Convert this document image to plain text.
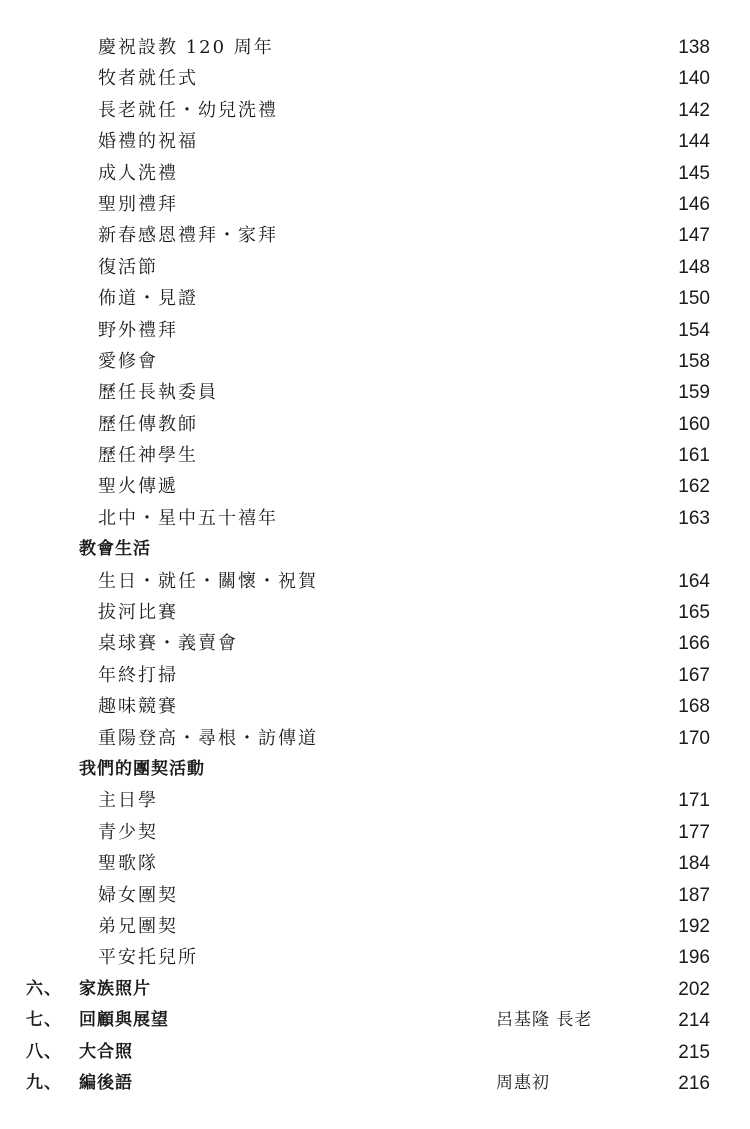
慶祝設教 120 周年	138
牧者就任式	140
長老就任・幼兒洗禮	142
婚禮的祝福	144
成人洗禮	145
聖別禮拜	146
新春感恩禮拜・家拜	147
復活節	148
佈道・見證	150
野外禮拜	154
愛修會	158
歷任長執委員	159
歷任傳教師	160
歷任神學生	161
聖火傳遞	162
北中・星中五十禧年	163
教會生活
生日・就任・關懷・祝賀	164
拔河比賽	165
桌球賽・義賣會	166
年終打掃	167
趣味競賽	168
重陽登高・尋根・訪傳道	170
我們的團契活動
主日學	171
青少契	177
聖歌隊	184
婦女團契	187
弟兄團契	192
平安托兒所	196
六、 家族照片	202
七、 回顧與展望	呂基隆 長老	214
八、 大合照	215
九、 編後語	周惠初	216
